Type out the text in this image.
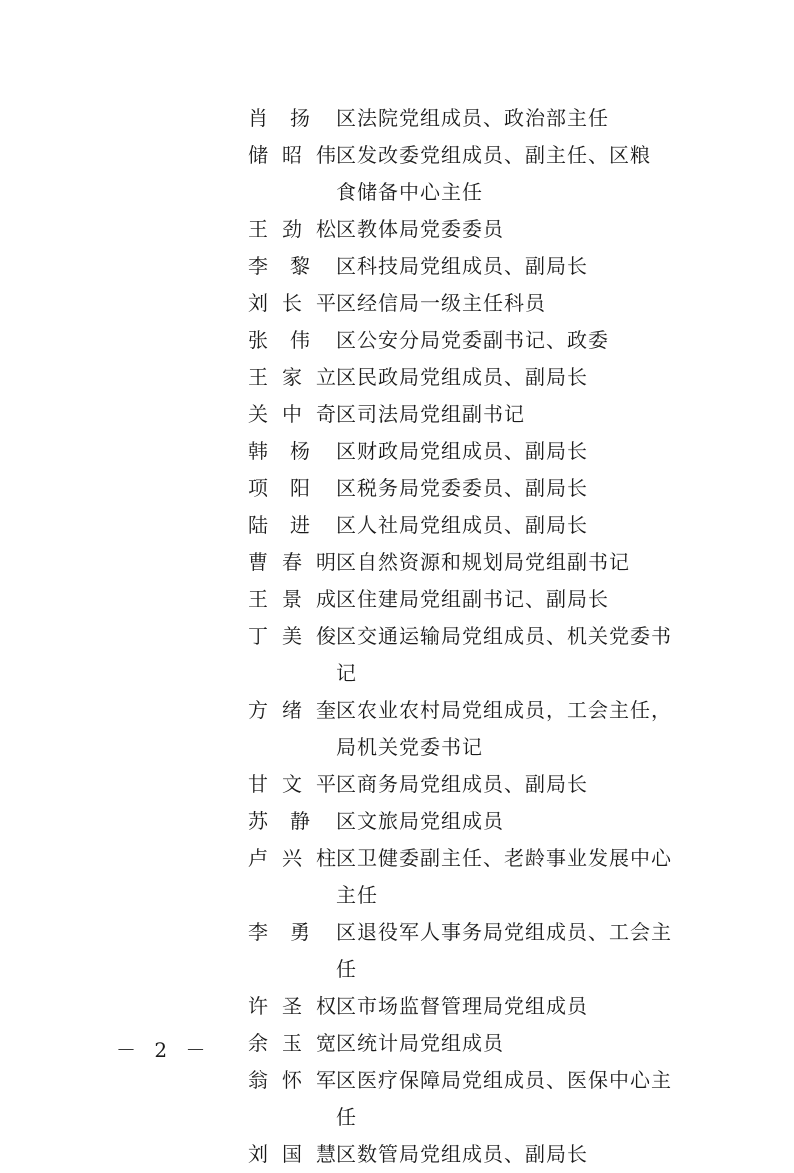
肖 扬	区法院党组成员、政治部主任
储昭伟 区发改委党组成员、副主任、区粮
食储备中心主任
王劲松 区教体局党委委员
李 黎	区科技局党组成员、副局长
刘长平 区经信局一级主任科员
张 伟	区公安分局党委副书记、政委
王家立 区民政局党组成员、副局长
关中奇 区司法局党组副书记
韩 杨	区财政局党组成员、副局长
项 阳	区税务局党委委员、副局长
陆 进	区人社局党组成员、副局长
曹春明 区自然资源和规划局党组副书记
王景成 区住建局党组副书记、副局长
丁美俊 区交通运输局党组成员、机关党委书记
方绪奎 区农业农村局党组成员，工会主任，
局机关党委书记
甘文平 区商务局党组成员、副局长
苏 静	区文旅局党组成员
卢兴柱 区卫健委副主任、老龄事业发展中心主任
李 勇	区退役军人事务局党组成员、工会主任
许圣权 区市场监督管理局党组成员
余玉宽 区统计局党组成员
翁怀军 区医疗保障局党组成员、医保中心主任
刘国慧 区数管局党组成员、副局长
－ 2 －
